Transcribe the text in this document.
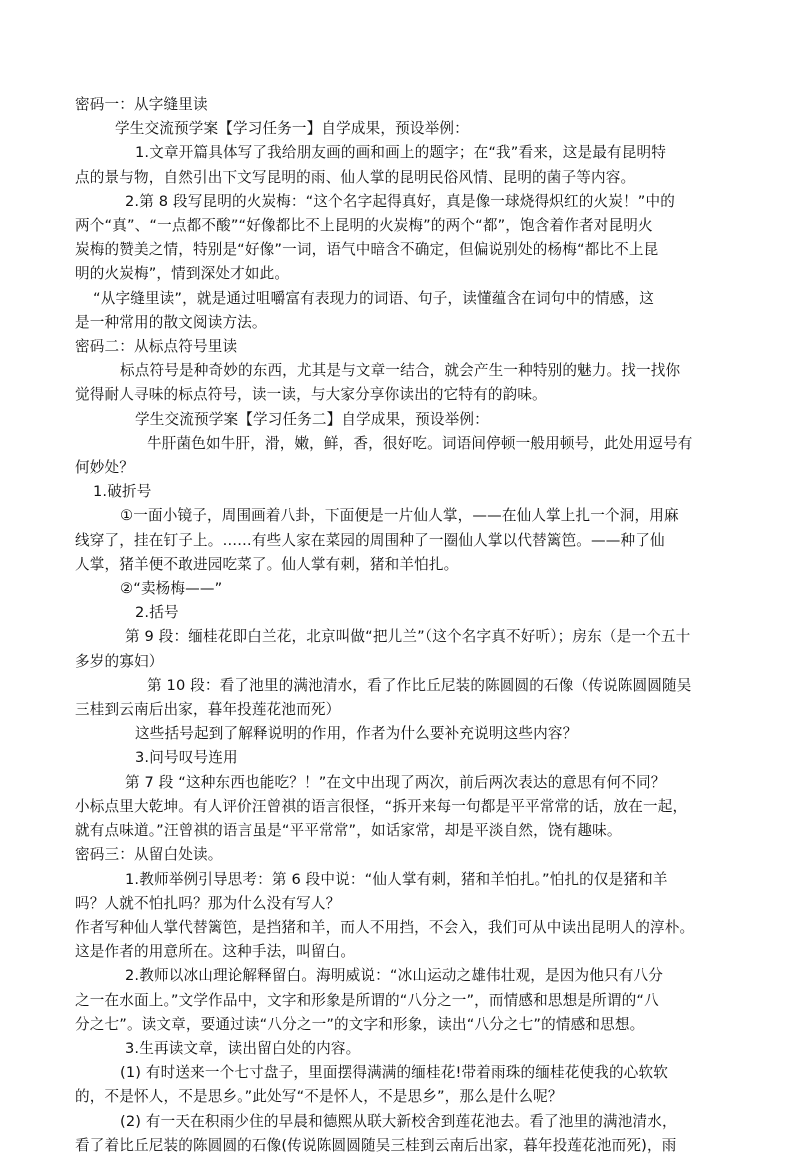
密码一：从字缝里读

学生交流预学案【学习任务一】自学成果，预设举例：

1.文章开篇具体写了我给朋友画的画和画上的题字；在“我”看来，这是最有昆明特

点的景与物，自然引出下文写昆明的雨、仙人掌的昆明民俗风情、昆明的菌子等内容。

2.第 8 段写昆明的火炭梅：“这个名字起得真好，真是像一球烧得炽红的火炭！”中的

两个“真”、“一点都不酸”“好像都比不上昆明的火炭梅”的两个“都”，饱含着作者对昆明火

炭梅的赞美之情，特别是“好像”一词，语气中暗含不确定，但偏说别处的杨梅“都比不上昆

明的火炭梅”，情到深处才如此。

“从字缝里读”，就是通过咀嚼富有表现力的词语、句子，读懂蕴含在词句中的情感，这

是一种常用的散文阅读方法。

密码二：从标点符号里读

标点符号是种奇妙的东西，尤其是与文章一结合，就会产生一种特别的魅力。找一找你

觉得耐人寻味的标点符号，读一读，与大家分享你读出的它特有的韵味。

学生交流预学案【学习任务二】自学成果，预设举例：

牛肝菌色如牛肝，滑，嫩，鲜，香，很好吃。词语间停顿一般用顿号，此处用逗号有

何妙处？

1.破折号

①一面小镜子，周围画着八卦，下面便是一片仙人掌，——在仙人掌上扎一个洞，用麻

线穿了，挂在钉子上。……有些人家在菜园的周围种了一圈仙人掌以代替篱笆。——种了仙

人掌，猪羊便不敢进园吃菜了。仙人掌有刺，猪和羊怕扎。

②“卖杨梅——”

2.括号

第 9 段：缅桂花即白兰花，北京叫做“把儿兰”（这个名字真不好听）；房东（是一个五十

多岁的寡妇）

第 10 段：看了池里的满池清水，看了作比丘尼装的陈圆圆的石像（传说陈圆圆随吴

三桂到云南后出家，暮年投莲花池而死）

这些括号起到了解释说明的作用，作者为什么要补充说明这些内容？

3.问号叹号连用

第 7 段 “这种东西也能吃？！”在文中出现了两次，前后两次表达的意思有何不同？

小标点里大乾坤。有人评价汪曾祺的语言很怪，“拆开来每一句都是平平常常的话，放在一起，

就有点味道。”汪曾祺的语言虽是“平平常常”，如话家常，却是平淡自然，饶有趣味。

密码三：从留白处读。

1.教师举例引导思考：第 6 段中说：“仙人掌有刺，猪和羊怕扎。”怕扎的仅是猪和羊

吗？人就不怕扎吗？那为什么没有写人？

作者写种仙人掌代替篱笆，是挡猪和羊，而人不用挡，不会入，我们可从中读出昆明人的淳朴。

这是作者的用意所在。这种手法，叫留白。

2.教师以冰山理论解释留白。海明威说：“冰山运动之雄伟壮观，是因为他只有八分

之一在水面上。”文学作品中，文字和形象是所谓的“八分之一”，而情感和思想是所谓的“八

分之七”。读文章，要通过读“八分之一”的文字和形象，读出“八分之七”的情感和思想。

3.生再读文章，读出留白处的内容。

(1) 有时送来一个七寸盘子，里面摆得满满的缅桂花!带着雨珠的缅桂花使我的心软软

的，不是怀人，不是思乡。”此处写“不是怀人，不是思乡”，那么是什么呢？

(2) 有一天在积雨少住的早晨和德熙从联大新校舍到莲花池去。看了池里的满池清水，

看了着比丘尼装的陈圆圆的石像(传说陈圆圆随吴三桂到云南后出家，暮年投莲花池而死)，雨
